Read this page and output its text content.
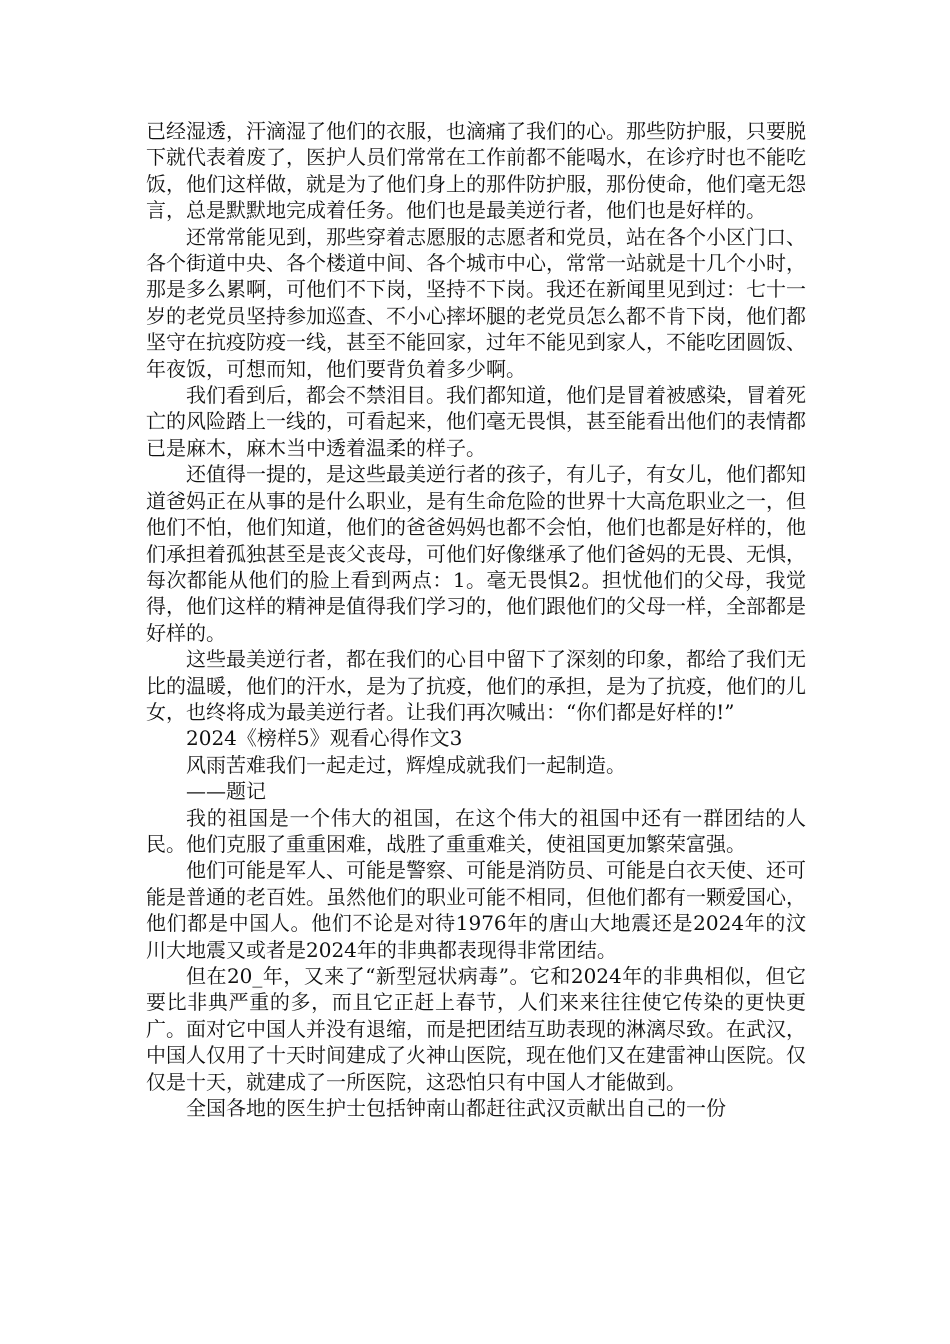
已经湿透，汗滴湿了他们的衣服，也滴痛了我们的心。那些防护服，只要脱下就代表着废了，医护人员们常常在工作前都不能喝水，在诊疗时也不能吃饭，他们这样做，就是为了他们身上的那件防护服，那份使命，他们毫无怨言，总是默默地完成着任务。他们也是最美逆行者，他们也是好样的。

还常常能见到，那些穿着志愿服的志愿者和党员，站在各个小区门口、各个街道中央、各个楼道中间、各个城市中心，常常一站就是十几个小时，那是多么累啊，可他们不下岗，坚持不下岗。我还在新闻里见到过：七十一岁的老党员坚持参加巡查、不小心摔坏腿的老党员怎么都不肯下岗，他们都坚守在抗疫防疫一线，甚至不能回家，过年不能见到家人，不能吃团圆饭、年夜饭，可想而知，他们要背负着多少啊。

我们看到后，都会不禁泪目。我们都知道，他们是冒着被感染，冒着死亡的风险踏上一线的，可看起来，他们毫无畏惧，甚至能看出他们的表情都已是麻木，麻木当中透着温柔的样子。

还值得一提的，是这些最美逆行者的孩子，有儿子，有女儿，他们都知道爸妈正在从事的是什么职业，是有生命危险的世界十大高危职业之一，但他们不怕，他们知道，他们的爸爸妈妈也都不会怕，他们也都是好样的，他们承担着孤独甚至是丧父丧母，可他们好像继承了他们爸妈的无畏、无惧，每次都能从他们的脸上看到两点：1。毫无畏惧2。担忧他们的父母，我觉得，他们这样的精神是值得我们学习的，他们跟他们的父母一样，全部都是好样的。

这些最美逆行者，都在我们的心目中留下了深刻的印象，都给了我们无比的温暖，他们的汗水，是为了抗疫，他们的承担，是为了抗疫，他们的儿女，也终将成为最美逆行者。让我们再次喊出：“你们都是好样的!”

2024《榜样5》观看心得作文3

风雨苦难我们一起走过，辉煌成就我们一起制造。

——题记

我的祖国是一个伟大的祖国，在这个伟大的祖国中还有一群团结的人民。他们克服了重重困难，战胜了重重难关，使祖国更加繁荣富强。

他们可能是军人、可能是警察、可能是消防员、可能是白衣天使、还可能是普通的老百姓。虽然他们的职业可能不相同，但他们都有一颗爱国心，他们都是中国人。他们不论是对待1976年的唐山大地震还是2024年的汶川大地震又或者是2024年的非典都表现得非常团结。

但在20_年，又来了“新型冠状病毒”。它和2024年的非典相似，但它要比非典严重的多，而且它正赶上春节，人们来来往往使它传染的更快更广。面对它中国人并没有退缩，而是把团结互助表现的淋漓尽致。在武汉，中国人仅用了十天时间建成了火神山医院，现在他们又在建雷神山医院。仅仅是十天，就建成了一所医院，这恐怕只有中国人才能做到。

全国各地的医生护士包括钟南山都赶往武汉贡献出自己的一份
